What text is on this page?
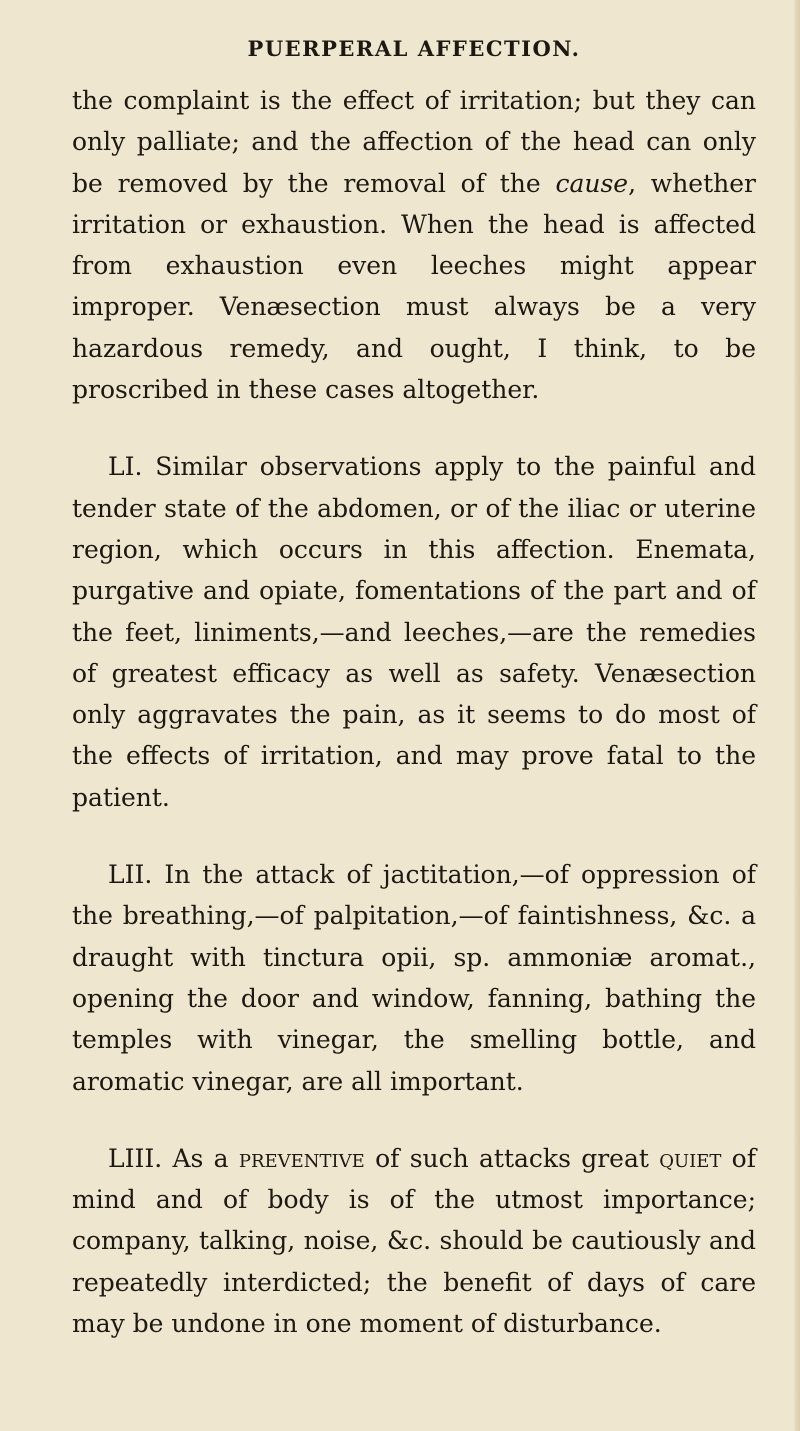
PUERPERAL AFFECTION.

the complaint is the effect of irritation; but they can only palliate; and the affection of the head can only be removed by the removal of the cause, whether irritation or exhaustion. When the head is affected from exhaustion even leeches might appear improper. Venæsection must always be a very hazardous remedy, and ought, I think, to be proscribed in these cases altogether.

LI. Similar observations apply to the painful and tender state of the abdomen, or of the iliac or uterine region, which occurs in this affection. Enemata, purgative and opiate, fomentations of the part and of the feet, liniments,—and leeches,—are the remedies of greatest efficacy as well as safety. Venæsection only aggravates the pain, as it seems to do most of the effects of irritation, and may prove fatal to the patient.

LII. In the attack of jactitation,—of oppression of the breathing,—of palpitation,—of faintishness, &c. a draught with tinctura opii, sp. ammoniæ aromat., opening the door and window, fanning, bathing the temples with vinegar, the smelling bottle, and aromatic vinegar, are all important.

LIII. As a preventive of such attacks great quiet of mind and of body is of the utmost importance; company, talking, noise, &c. should be cautiously and repeatedly interdicted; the benefit of days of care may be undone in one moment of disturbance.
